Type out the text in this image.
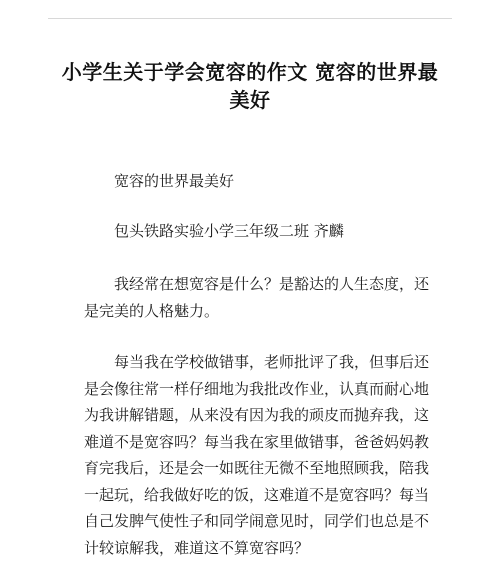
小学生关于学会宽容的作文 宽容的世界最美好

宽容的世界最美好

包头铁路实验小学三年级二班 齐麟

我经常在想宽容是什么？是豁达的人生态度，还是完美的人格魅力。

每当我在学校做错事，老师批评了我，但事后还是会像往常一样仔细地为我批改作业，认真而耐心地为我讲解错题，从来没有因为我的顽皮而抛弃我，这难道不是宽容吗？每当我在家里做错事，爸爸妈妈教育完我后，还是会一如既往无微不至地照顾我，陪我一起玩，给我做好吃的饭，这难道不是宽容吗？每当自己发脾气使性子和同学闹意见时，同学们也总是不计较谅解我，难道这不算宽容吗？
